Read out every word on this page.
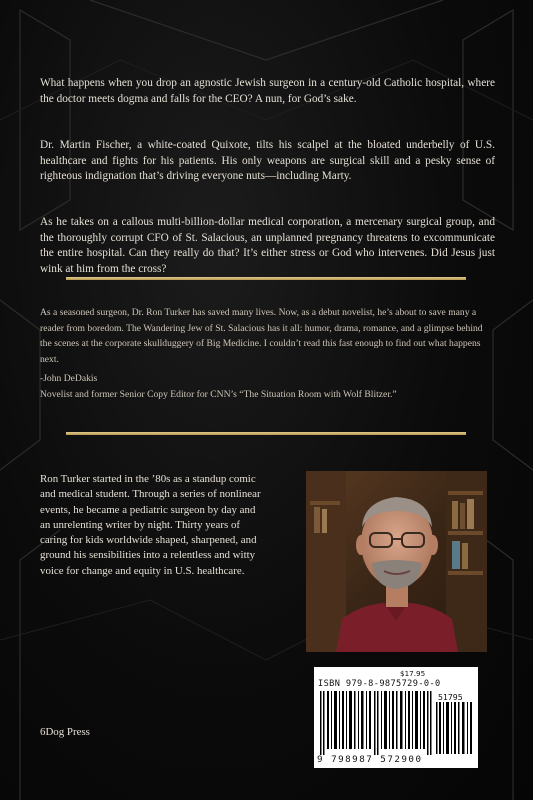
What happens when you drop an agnostic Jewish surgeon in a century-old Catholic hospital, where the doctor meets dogma and falls for the CEO? A nun, for God’s sake.

Dr. Martin Fischer, a white-coated Quixote, tilts his scalpel at the bloated underbelly of U.S. healthcare and fights for his patients. His only weapons are surgical skill and a pesky sense of righteous indignation that’s driving everyone nuts—including Marty.

As he takes on a callous multi-billion-dollar medical corporation, a mercenary surgical group, and the thoroughly corrupt CFO of St. Salacious, an unplanned pregnancy threatens to excommunicate the entire hospital. Can they really do that? It’s either stress or God who intervenes. Did Jesus just wink at him from the cross?

As a seasoned surgeon, Dr. Ron Turker has saved many lives. Now, as a debut novelist, he’s about to save many a reader from boredom. The Wandering Jew of St. Salacious has it all: humor, drama, romance, and a glimpse behind the scenes at the corporate skullduggery of Big Medicine. I couldn’t read this fast enough to find out what happens next.

-John DeDakis

Novelist and former Senior Copy Editor for CNN’s “The Situation Room with Wolf Blitzer.”

Ron Turker started in the ’80s as a standup comic and medical student. Through a series of nonlinear events, he became a pediatric surgeon by day and an unrelenting writer by night. Thirty years of caring for kids worldwide shaped, sharpened, and ground his sensibilities into a relentless and witty voice for change and equity in U.S. healthcare.

6Dog Press

$17.95

ISBN 979-8-9875729-0-0

51795

9 798987 572900
